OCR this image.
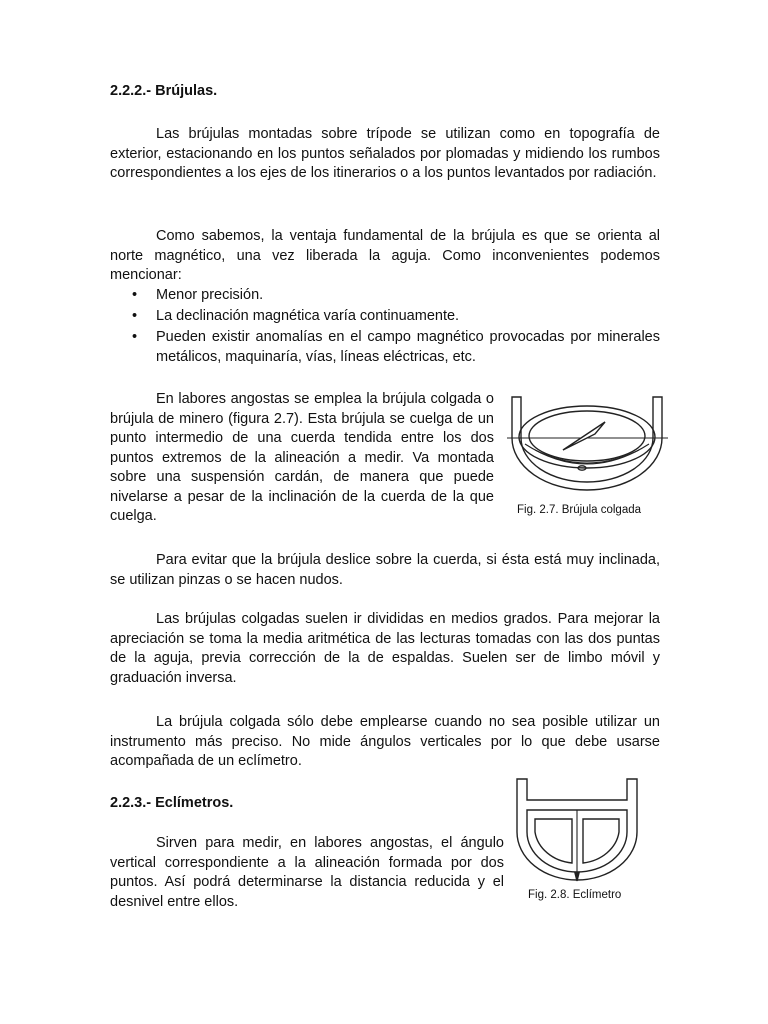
2.2.2.- Brújulas.

Las brújulas montadas sobre trípode se utilizan como en topografía de exterior, estacionando en los puntos señalados por plomadas y midiendo los rumbos correspondientes a los ejes de los itinerarios o a los puntos levantados por radiación.

Como sabemos, la ventaja fundamental de la brújula es que se orienta al norte magnético, una vez liberada la aguja. Como inconvenientes podemos mencionar:

• Menor precisión.
• La declinación magnética varía continuamente.
• Pueden existir anomalías en el campo magnético provocadas por minerales metálicos, maquinaría, vías, líneas eléctricas, etc.

En labores angostas se emplea la brújula colgada o brújula de minero (figura 2.7). Esta brújula se cuelga de un punto intermedio de una cuerda tendida entre los dos puntos extremos de la alineación a medir. Va montada sobre una suspensión cardán, de manera que puede nivelarse a pesar de la inclinación de la cuerda de la que cuelga.	Fig. 2.7. Brújula colgada

Para evitar que la brújula deslice sobre la cuerda, si ésta está muy inclinada, se utilizan pinzas o se hacen nudos.

Las brújulas colgadas suelen ir divididas en medios grados. Para mejorar la apreciación se toma la media aritmética de las lecturas tomadas con las dos puntas de la aguja, previa corrección de la de espaldas. Suelen ser de limbo móvil y graduación inversa.

La brújula colgada sólo debe emplearse cuando no sea posible utilizar un instrumento más preciso. No mide ángulos verticales por lo que debe usarse acompañada de un eclímetro.

2.2.3.- Eclímetros.

Sirven para medir, en labores angostas, el ángulo vertical correspondiente a la alineación formada por dos puntos. Así podrá determinarse la distancia reducida y el desnivel entre ellos.	Fig. 2.8. Eclímetro
